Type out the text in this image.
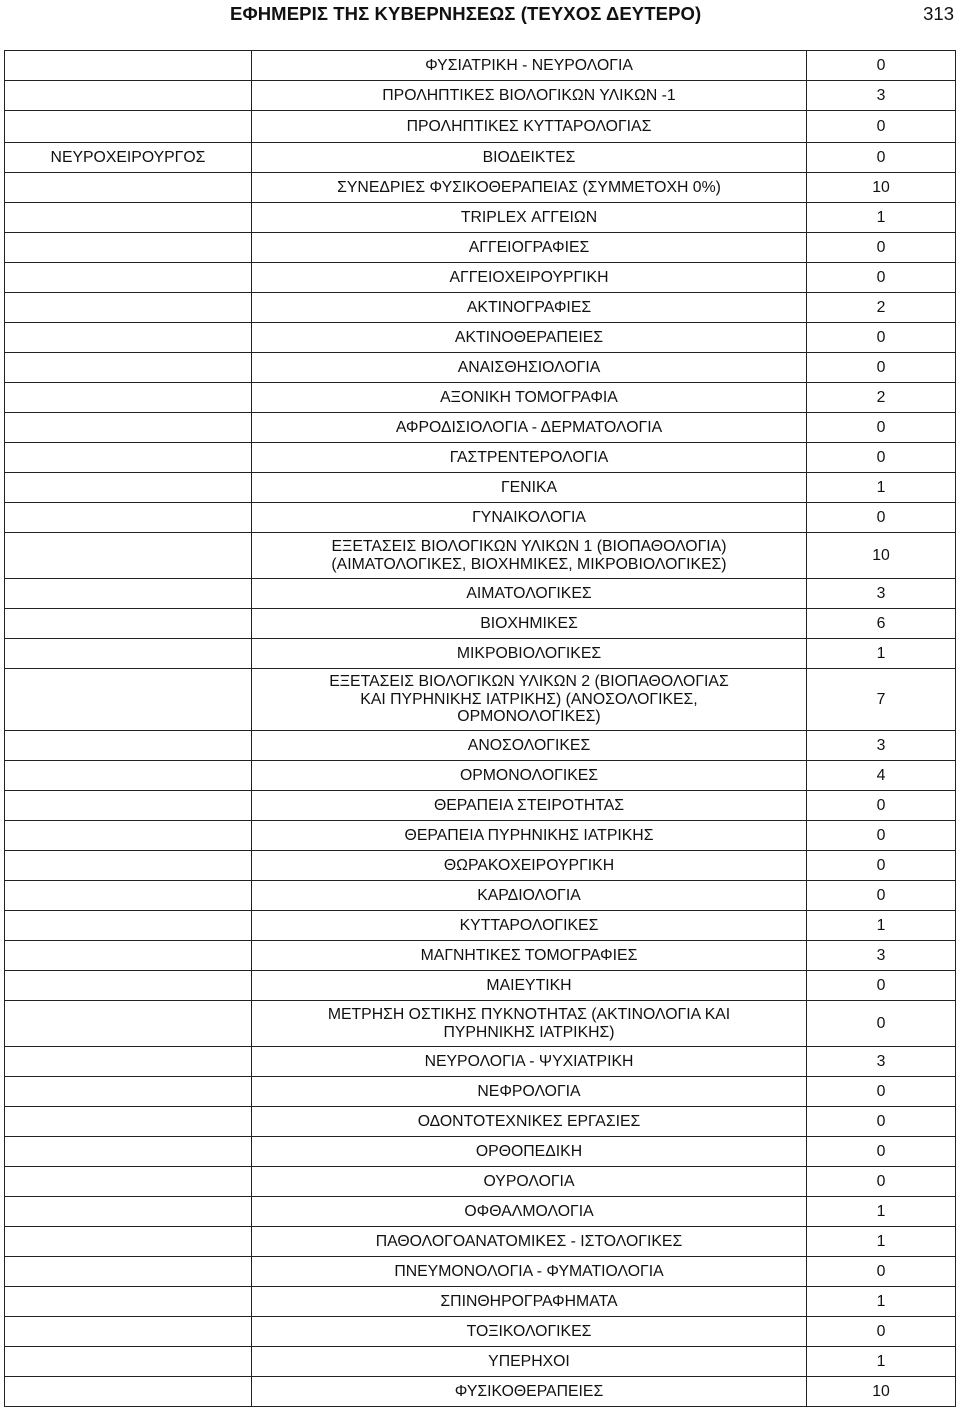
ΕΦΗΜΕΡΙΣ ΤΗΣ ΚΥΒΕΡΝΗΣΕΩΣ (ΤΕΥΧΟΣ ΔΕΥΤΕΡΟ)	313
	ΦΥΣΙΑΤΡΙΚΗ - ΝΕΥΡΟΛΟΓΙΑ	0
	ΠΡΟΛΗΠΤΙΚΕΣ ΒΙΟΛΟΓΙΚΩΝ ΥΛΙΚΩΝ -1	3
	ΠΡΟΛΗΠΤΙΚΕΣ ΚΥΤΤΑΡΟΛΟΓΙΑΣ	0
ΝΕΥΡΟΧΕΙΡΟΥΡΓΟΣ	ΒΙΟΔΕΙΚΤΕΣ	0
	ΣΥΝΕΔΡΙΕΣ ΦΥΣΙΚΟΘΕΡΑΠΕΙΑΣ (ΣΥΜΜΕΤΟΧΗ 0%)	10
	TRIPLEX ΑΓΓΕΙΩΝ	1
	ΑΓΓΕΙΟΓΡΑΦΙΕΣ	0
	ΑΓΓΕΙΟΧΕΙΡΟΥΡΓΙΚΗ	0
	ΑΚΤΙΝΟΓΡΑΦΙΕΣ	2
	ΑΚΤΙΝΟΘΕΡΑΠΕΙΕΣ	0
	ΑΝΑΙΣΘΗΣΙΟΛΟΓΙΑ	0
	ΑΞΟΝΙΚΗ ΤΟΜΟΓΡΑΦΙΑ	2
	ΑΦΡΟΔΙΣΙΟΛΟΓΙΑ - ΔΕΡΜΑΤΟΛΟΓΙΑ	0
	ΓΑΣΤΡΕΝΤΕΡΟΛΟΓΙΑ	0
	ΓΕΝΙΚΑ	1
	ΓΥΝΑΙΚΟΛΟΓΙΑ	0
	ΕΞΕΤΑΣΕΙΣ ΒΙΟΛΟΓΙΚΩΝ ΥΛΙΚΩΝ 1 (ΒΙΟΠΑΘΟΛΟΓΙΑ)
(ΑΙΜΑΤΟΛΟΓΙΚΕΣ, ΒΙΟΧΗΜΙΚΕΣ, ΜΙΚΡΟΒΙΟΛΟΓΙΚΕΣ)	10
	ΑΙΜΑΤΟΛΟΓΙΚΕΣ	3
	ΒΙΟΧΗΜΙΚΕΣ	6
	ΜΙΚΡΟΒΙΟΛΟΓΙΚΕΣ	1
	ΕΞΕΤΑΣΕΙΣ ΒΙΟΛΟΓΙΚΩΝ ΥΛΙΚΩΝ 2 (ΒΙΟΠΑΘΟΛΟΓΙΑΣ
ΚΑΙ ΠΥΡΗΝΙΚΗΣ ΙΑΤΡΙΚΗΣ) (ΑΝΟΣΟΛΟΓΙΚΕΣ,
ΟΡΜΟΝΟΛΟΓΙΚΕΣ)	7
	ΑΝΟΣΟΛΟΓΙΚΕΣ	3
	ΟΡΜΟΝΟΛΟΓΙΚΕΣ	4
	ΘΕΡΑΠΕΙΑ ΣΤΕΙΡΟΤΗΤΑΣ	0
	ΘΕΡΑΠΕΙΑ ΠΥΡΗΝΙΚΗΣ ΙΑΤΡΙΚΗΣ	0
	ΘΩΡΑΚΟΧΕΙΡΟΥΡΓΙΚΗ	0
	ΚΑΡΔΙΟΛΟΓΙΑ	0
	ΚΥΤΤΑΡΟΛΟΓΙΚΕΣ	1
	ΜΑΓΝΗΤΙΚΕΣ ΤΟΜΟΓΡΑΦΙΕΣ	3
	ΜΑΙΕΥΤΙΚΗ	0
	ΜΕΤΡΗΣΗ ΟΣΤΙΚΗΣ ΠΥΚΝΟΤΗΤΑΣ (ΑΚΤΙΝΟΛΟΓΙΑ ΚΑΙ
ΠΥΡΗΝΙΚΗΣ ΙΑΤΡΙΚΗΣ)	0
	ΝΕΥΡΟΛΟΓΙΑ - ΨΥΧΙΑΤΡΙΚΗ	3
	ΝΕΦΡΟΛΟΓΙΑ	0
	ΟΔΟΝΤΟΤΕΧΝΙΚΕΣ ΕΡΓΑΣΙΕΣ	0
	ΟΡΘΟΠΕΔΙΚΗ	0
	ΟΥΡΟΛΟΓΙΑ	0
	ΟΦΘΑΛΜΟΛΟΓΙΑ	1
	ΠΑΘΟΛΟΓΟΑΝΑΤΟΜΙΚΕΣ - ΙΣΤΟΛΟΓΙΚΕΣ	1
	ΠΝΕΥΜΟΝΟΛΟΓΙΑ - ΦΥΜΑΤΙΟΛΟΓΙΑ	0
	ΣΠΙΝΘΗΡΟΓΡΑΦΗΜΑΤΑ	1
	ΤΟΞΙΚΟΛΟΓΙΚΕΣ	0
	ΥΠΕΡΗΧΟΙ	1
	ΦΥΣΙΚΟΘΕΡΑΠΕΙΕΣ	10
